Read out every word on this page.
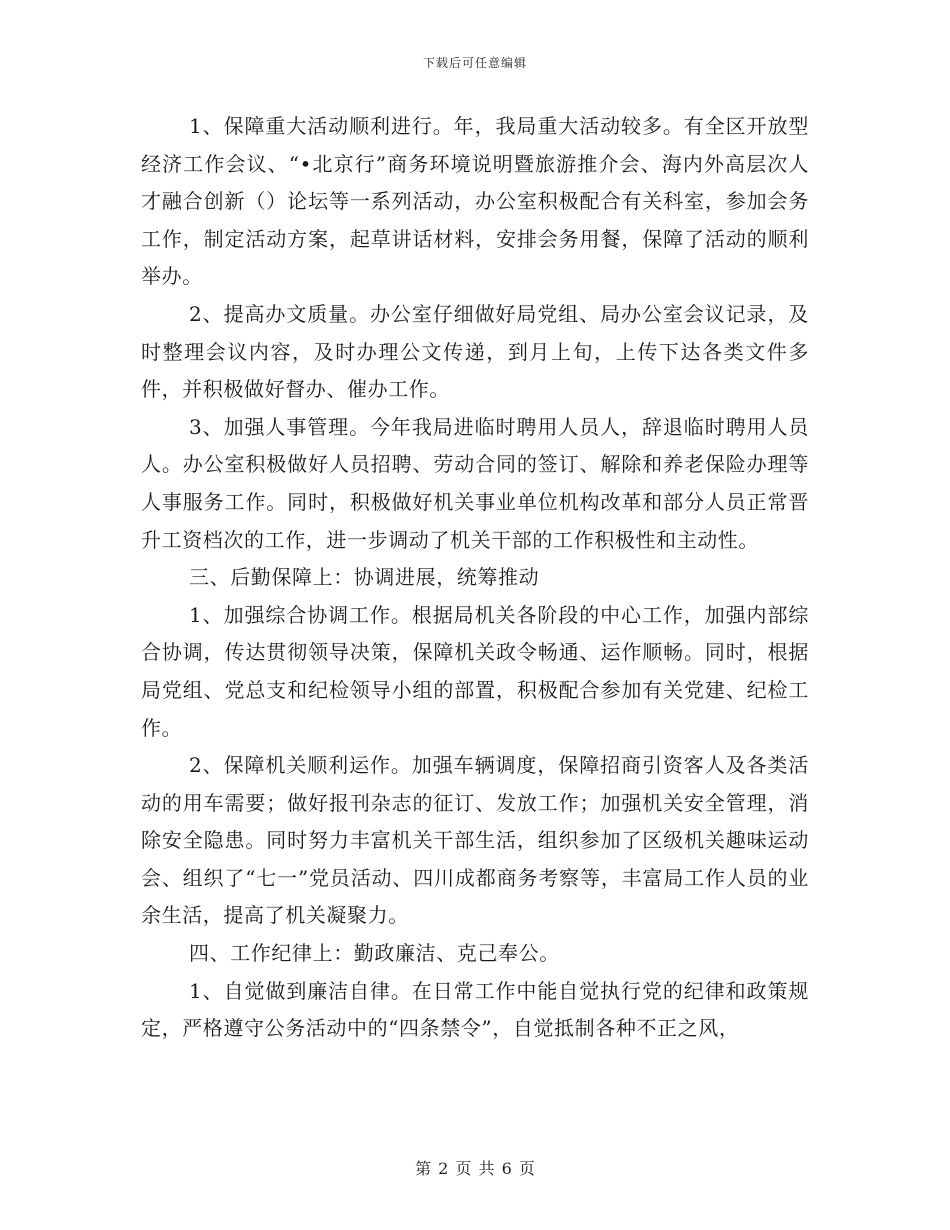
下载后可任意编辑

1、保障重大活动顺利进行。年，我局重大活动较多。有全区开放型经济工作会议、“•北京行”商务环境说明暨旅游推介会、海内外高层次人才融合创新（）论坛等一系列活动，办公室积极配合有关科室，参加会务工作，制定活动方案，起草讲话材料，安排会务用餐，保障了活动的顺利举办。

2、提高办文质量。办公室仔细做好局党组、局办公室会议记录，及时整理会议内容，及时办理公文传递，到月上旬，上传下达各类文件多件，并积极做好督办、催办工作。

3、加强人事管理。今年我局进临时聘用人员人，辞退临时聘用人员人。办公室积极做好人员招聘、劳动合同的签订、解除和养老保险办理等人事服务工作。同时，积极做好机关事业单位机构改革和部分人员正常晋升工资档次的工作，进一步调动了机关干部的工作积极性和主动性。

三、后勤保障上：协调进展，统筹推动

1、加强综合协调工作。根据局机关各阶段的中心工作，加强内部综合协调，传达贯彻领导决策，保障机关政令畅通、运作顺畅。同时，根据局党组、党总支和纪检领导小组的部置，积极配合参加有关党建、纪检工作。

2、保障机关顺利运作。加强车辆调度，保障招商引资客人及各类活动的用车需要；做好报刊杂志的征订、发放工作；加强机关安全管理，消除安全隐患。同时努力丰富机关干部生活，组织参加了区级机关趣味运动会、组织了“七一”党员活动、四川成都商务考察等，丰富局工作人员的业余生活，提高了机关凝聚力。

四、工作纪律上：勤政廉洁、克己奉公。

1、自觉做到廉洁自律。在日常工作中能自觉执行党的纪律和政策规定，严格遵守公务活动中的“四条禁令”，自觉抵制各种不正之风，

第 2 页 共 6 页
